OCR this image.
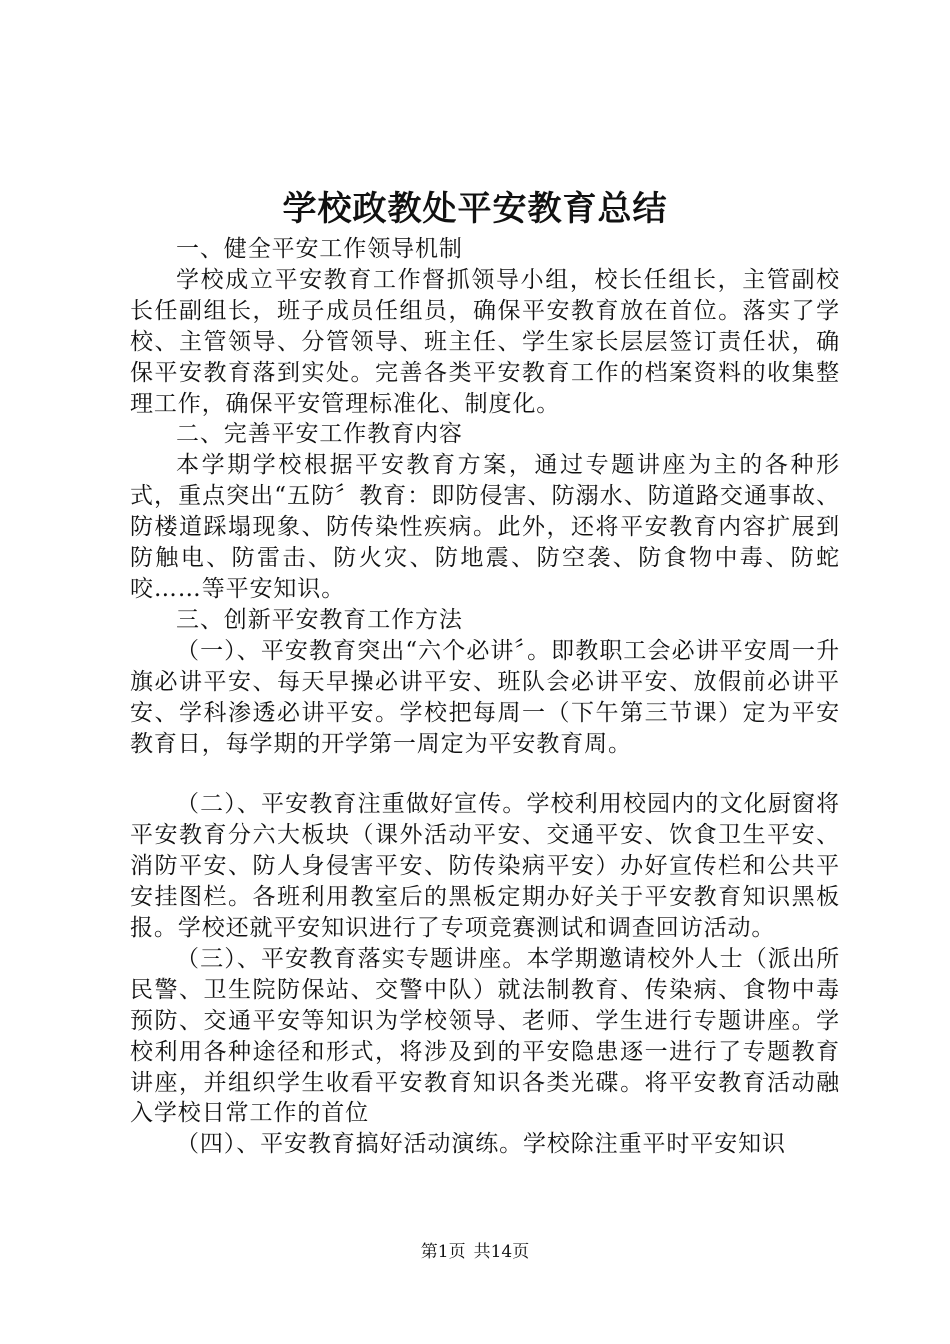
学校政教处平安教育总结

一、健全平安工作领导机制

学校成立平安教育工作督抓领导小组，校长任组长，主管副校长任副组长，班子成员任组员，确保平安教育放在首位。落实了学校、主管领导、分管领导、班主任、学生家长层层签订责任状，确保平安教育落到实处。完善各类平安教育工作的档案资料的收集整理工作，确保平安管理标准化、制度化。

二、完善平安工作教育内容

本学期学校根据平安教育方案，通过专题讲座为主的各种形式，重点突出“五防〞教育：即防侵害、防溺水、防道路交通事故、防楼道踩塌现象、防传染性疾病。此外，还将平安教育内容扩展到防触电、防雷击、防火灾、防地震、防空袭、防食物中毒、防蛇咬……等平安知识。

三、创新平安教育工作方法

（一）、平安教育突出“六个必讲〞。即教职工会必讲平安周一升旗必讲平安、每天早操必讲平安、班队会必讲平安、放假前必讲平安、学科渗透必讲平安。学校把每周一（下午第三节课）定为平安教育日，每学期的开学第一周定为平安教育周。

（二）、平安教育注重做好宣传。学校利用校园内的文化厨窗将平安教育分六大板块（课外活动平安、交通平安、饮食卫生平安、消防平安、防人身侵害平安、防传染病平安）办好宣传栏和公共平安挂图栏。各班利用教室后的黑板定期办好关于平安教育知识黑板报。学校还就平安知识进行了专项竞赛测试和调查回访活动。

（三）、平安教育落实专题讲座。本学期邀请校外人士（派出所民警、卫生院防保站、交警中队）就法制教育、传染病、食物中毒预防、交通平安等知识为学校领导、老师、学生进行专题讲座。学校利用各种途径和形式，将涉及到的平安隐患逐一进行了专题教育讲座，并组织学生收看平安教育知识各类光碟。将平安教育活动融入学校日常工作的首位

（四）、平安教育搞好活动演练。学校除注重平时平安知识

第1页 共14页
